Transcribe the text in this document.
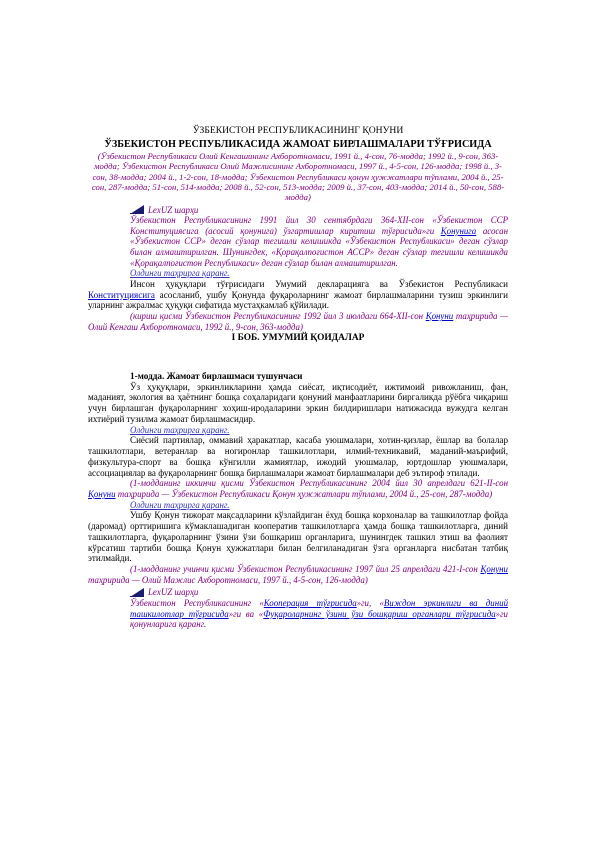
ЎЗБЕКИСТОН РЕСПУБЛИКАСИНИНГ ҚОНУНИ
ЎЗБЕКИСТОН РЕСПУБЛИКАСИДА ЖАМОАТ БИРЛАШМАЛАРИ ТЎҒРИСИДА
(Ўзбекистон Республикаси Олий Кенгашининг Ахборотномаси, 1991 й., 4-сон, 76-модда; 1992 й., 9-сон, 363-модда; Ўзбекистон Республикаси Олий Мажлисининг Ахборотномаси, 1997 й., 4-5-сон, 126-модда; 1998 й., 3-сон, 38-модда; 2004 й., 1-2-сон, 18-модда; Ўзбекистон Республикаси қонун ҳужжатлари тўплами, 2004 й., 25-сон, 287-модда; 51-сон, 514-модда; 2008 й., 52-сон, 513-модда; 2009 й., 37-сон, 403-модда; 2014 й., 50-сон, 588-модда)
LexUZ шарҳи
Ўзбекистон Республикасининг 1991 йил 30 сентябрдаги 364-XII-сон «Ўзбекистон ССР Конституциясига (асосий қонунига) ўзгартишлар киритиш тўғрисида»ги Қонунига асосан «Ўзбекистон ССР» деган сўзлар тегишли келишикда «Ўзбекистон Республикаси» деган сўзлар билан алмаштирилган. Шунингдек, «Қорақалпоғистон АССР» деган сўзлар тегишли келишикда «Қорақалпоғистон Республикаси» деган сўзлар билан алмаштирилган.
Олдинги таҳрирга қаранг.
Инсон ҳуқуқлари тўғрисидаги Умумий декларацияга ва Ўзбекистон Республикаси Конституциясига асосланиб, ушбу Қонунда фуқароларнинг жамоат бирлашмаларини тузиш эркинлиги уларнинг ажралмас ҳуқуқи сифатида мустаҳкамлаб қўйилади.
(кириш қисми Ўзбекистон Республикасининг 1992 йил 3 июлдаги 664-XII-сон Қонуни таҳририда — Олий Кенгаш Ахборотномаси, 1992 й., 9-сон, 363-модда)
I БОБ. УМУМИЙ ҚОИДАЛАР
1-модда. Жамоат бирлашмаси тушунчаси
Ўз ҳуқуқлари, эркинликларини ҳамда сиёсат, иқтисодиёт, ижтимоий ривожланиш, фан, маданият, экология ва ҳаётнинг бошқа соҳаларидаги қонуний манфаатларини биргаликда рўёбга чиқариш учун бирлашган фуқароларнинг хоҳиш-иродаларини эркин билдиришлари натижасида вужудга келган ихтиёрий тузилма жамоат бирлашмасидир.
Олдинги таҳрирга қаранг.
Сиёсий партиялар, оммавий ҳаракатлар, касаба уюшмалари, хотин-қизлар, ёшлар ва болалар ташкилотлари, ветеранлар ва ногиронлар ташкилотлари, илмий-техникавий, маданий-маърифий, физкультура-спорт ва бошқа кўнгилли жамиятлар, ижодий уюшмалар, юртдошлар уюшмалари, ассоциациялар ва фуқароларнинг бошқа бирлашмалари жамоат бирлашмалари деб эътироф этилади.
(1-модданинг иккинчи қисми Ўзбекистон Республикасининг 2004 йил 30 апрелдаги 621-II-сон Қонуни таҳририда — Ўзбекистон Республикаси Қонун ҳужжатлари тўплами, 2004 й., 25-сон, 287-модда)
Олдинги таҳрирга қаранг.
Ушбу Қонун тижорат мақсадларини кўзлайдиган ёхуд бошқа корхоналар ва ташкилотлар фойда (даромад) орттиришига кўмаклашадиган кооператив ташкилотларга ҳамда бошқа ташкилотларга, диний ташкилотларга, фуқароларнинг ўзини ўзи бошқариш органларига, шунингдек ташкил этиш ва фаолият кўрсатиш тартиби бошқа Қонун ҳужжатлари билан белгиланадиган ўзга органларга нисбатан татбиқ этилмайди.
(1-модданинг учинчи қисми Ўзбекистон Республикасининг 1997 йил 25 апрелдаги 421-I-сон Қонуни таҳририда — Олий Мажлис Ахборотномаси, 1997 й., 4-5-сон, 126-модда)
LexUZ шарҳи
Ўзбекистон Республикасининг «Кооперация тўғрисида»ги, «Виждон эркинлиги ва диний ташкилотлар тўғрисида»ги ва «Фуқароларнинг ўзини ўзи бошқариш органлари тўғрисида»ги қонунларига қаранг.
